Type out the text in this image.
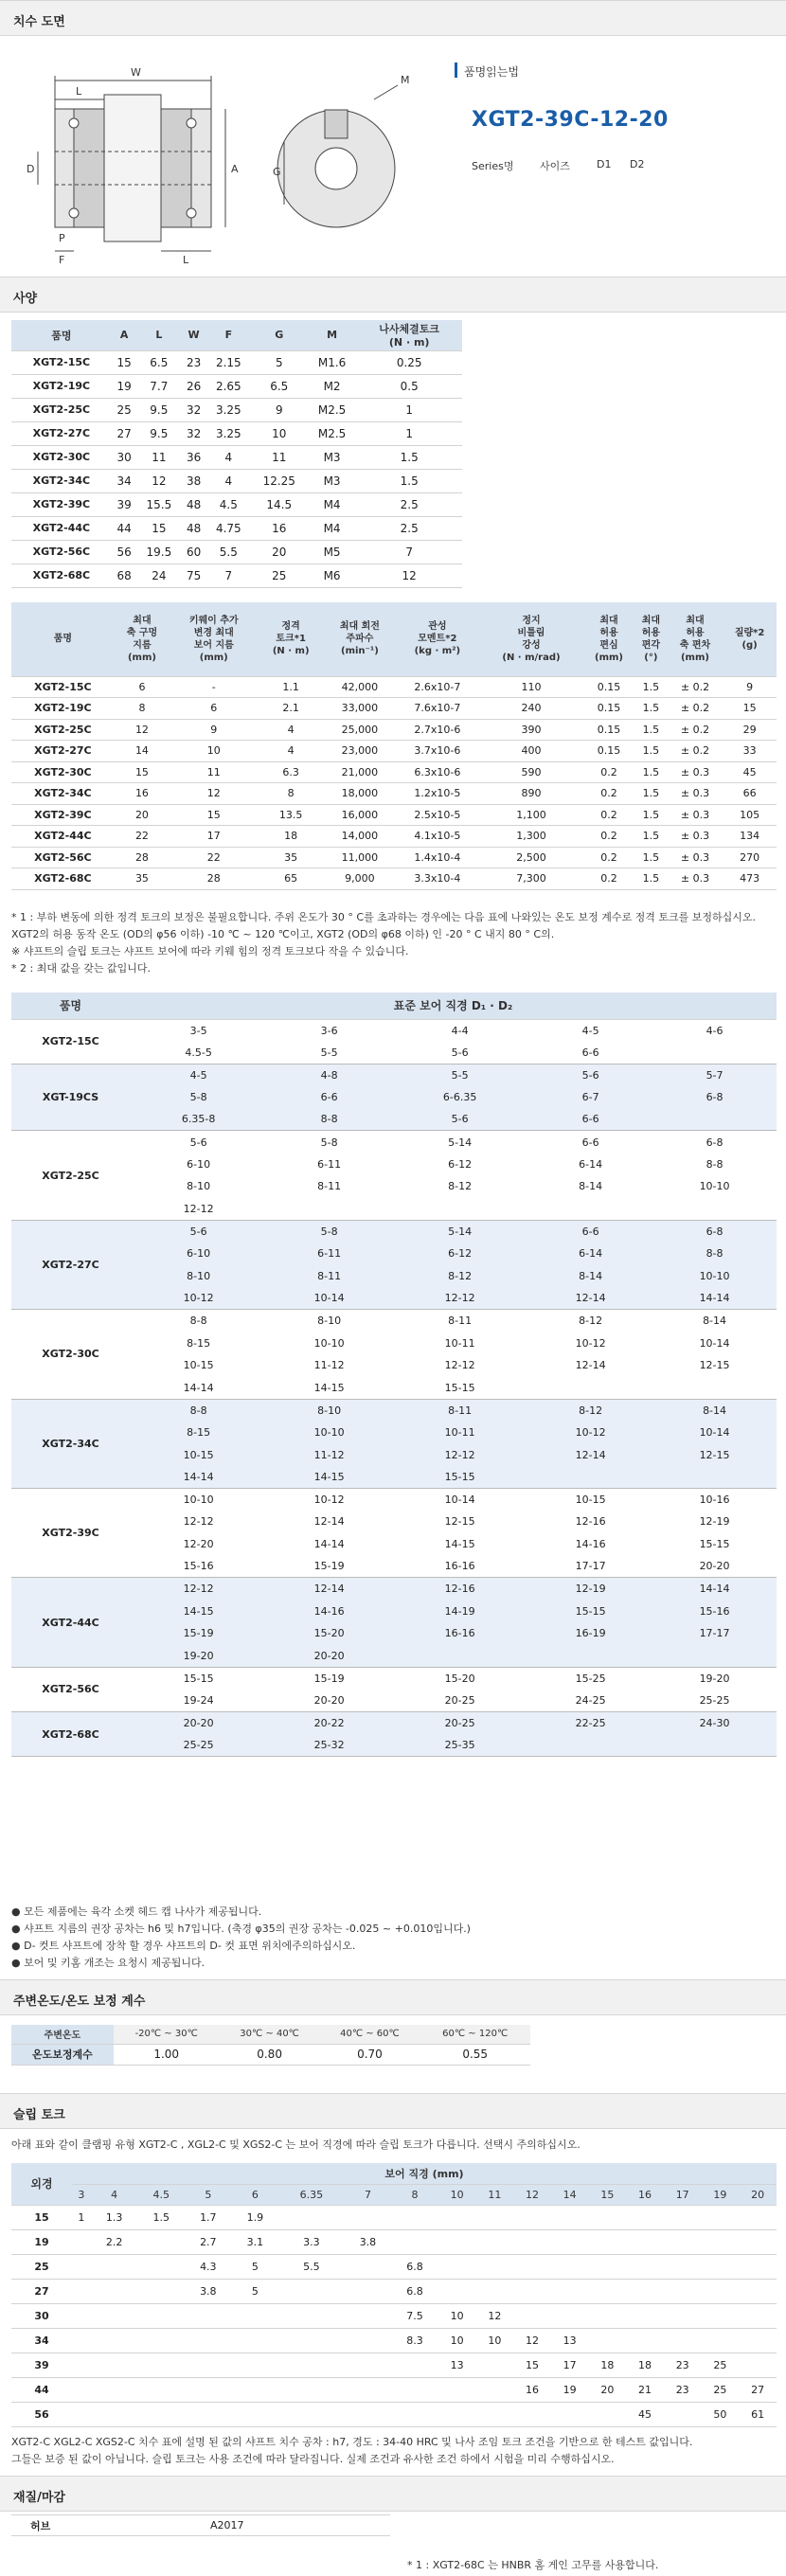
치수 도면
W
L
L
F
A
D	G
M
P
품명읽는법
XGT2-39C-12-20
Series명	사이즈	D1 D2
사양
품명	A	L	W	F	G	M	나사체결토크
(N · m)
XGT2-15C	15	6.5	23	2.15	5	M1.6	0.25
XGT2-19C	19	7.7	26	2.65	6.5	M2	0.5
XGT2-25C	25	9.5	32	3.25	9	M2.5	1
XGT2-27C	27	9.5	32	3.25	10	M2.5	1
XGT2-30C	30	11	36	4	11	M3	1.5
XGT2-34C	34	12	38	4	12.25	M3	1.5
XGT2-39C	39	15.5	48	4.5	14.5	M4	2.5
XGT2-44C	44	15	48	4.75	16	M4	2.5
XGT2-56C	56	19.5	60	5.5	20	M5	7
XGT2-68C	68	24	75	7	25	M6	12
품명	최대
축 구멍
지름
(mm)	키웨이 추가
변경 최대
보어 지름
(mm)	정격
토크*1
(N · m)	최대 회전
주파수
(min⁻¹)	관성
모멘트*2
(kg · m²)	정지
비틀림
강성
(N · m/rad)	최대
허용
편심
(mm)	최대
허용
편각
(°)	최대
허용
축 편차
(mm)	질량*2
(g)
XGT2-15C	6	-	1.1	42,000	2.6x10-7	110	0.15	1.5	± 0.2	9
XGT2-19C	8	6	2.1	33,000	7.6x10-7	240	0.15	1.5	± 0.2	15
XGT2-25C	12	9	4	25,000	2.7x10-6	390	0.15	1.5	± 0.2	29
XGT2-27C	14	10	4	23,000	3.7x10-6	400	0.15	1.5	± 0.2	33
XGT2-30C	15	11	6.3	21,000	6.3x10-6	590	0.2	1.5	± 0.3	45
XGT2-34C	16	12	8	18,000	1.2x10-5	890	0.2	1.5	± 0.3	66
XGT2-39C	20	15	13.5	16,000	2.5x10-5	1,100	0.2	1.5	± 0.3	105
XGT2-44C	22	17	18	14,000	4.1x10-5	1,300	0.2	1.5	± 0.3	134
XGT2-56C	28	22	35	11,000	1.4x10-4	2,500	0.2	1.5	± 0.3	270
XGT2-68C	35	28	65	9,000	3.3x10-4	7,300	0.2	1.5	± 0.3	473
* 1 : 부하 변동에 의한 정격 토크의 보정은 불필요합니다. 주위 온도가 30 ° C를 초과하는 경우에는 다음 표에 나와있는 온도 보정 계수로 정격 토크를 보정하십시오.
XGT2의 허용 동작 온도 (OD의 φ56 이하) -10 ℃ ~ 120 ℃이고, XGT2 (OD의 φ68 이하) 인 -20 ° C 내지 80 ° C의.
※ 샤프트의 슬립 토크는 샤프트 보어에 따라 키웨 힘의 정격 토크보다 작을 수 있습니다.
* 2 : 최대 값을 갖는 값입니다.
품명	표준 보어 직경 D₁ · D₂				
XGT2-15C	3-5	3-6	4-4	4-5	4-6
	4.5-5	5-5	5-6	6-6	
XGT-19CS	4-5	4-8	5-5	5-6	5-7
	5-8	6-6	6-6.35	6-7	6-8
	6.35-8	8-8	5-6	6-6	
XGT2-25C	5-6	5-8	5-14	6-6	6-8
	6-10	6-11	6-12	6-14	8-8
	8-10	8-11	8-12	8-14	10-10
	12-12				
XGT2-27C	5-6	5-8	5-14	6-6	6-8
	6-10	6-11	6-12	6-14	8-8
	8-10	8-11	8-12	8-14	10-10
	10-12	10-14	12-12	12-14	14-14
XGT2-30C	8-8	8-10	8-11	8-12	8-14
	8-15	10-10	10-11	10-12	10-14
	10-15	11-12	12-12	12-14	12-15
	14-14	14-15	15-15		
XGT2-34C	8-8	8-10	8-11	8-12	8-14
	8-15	10-10	10-11	10-12	10-14
	10-15	11-12	12-12	12-14	12-15
	14-14	14-15	15-15		
XGT2-39C	10-10	10-12	10-14	10-15	10-16
	12-12	12-14	12-15	12-16	12-19
	12-20	14-14	14-15	14-16	15-15
	15-16	15-19	16-16	17-17	20-20
XGT2-44C	12-12	12-14	12-16	12-19	14-14
	14-15	14-16	14-19	15-15	15-16
	15-19	15-20	16-16	16-19	17-17
	19-20	20-20			
XGT2-56C	15-15	15-19	15-20	15-25	19-20
	19-24	20-20	20-25	24-25	25-25
XGT2-68C	20-20	20-22	20-25	22-25	24-30
	25-25	25-32	25-35		
● 모든 제품에는 육각 소켓 헤드 캡 나사가 제공됩니다.
● 샤프트 지름의 권장 공차는 h6 및 h7입니다. (축경 φ35의 권장 공차는 -0.025 ~ +0.010입니다.)
● D- 컷트 샤프트에 장착 할 경우 샤프트의 D- 컷 표면 위치에주의하십시오.
● 보어 및 키홈 개조는 요청시 제공됩니다.
주변온도/온도 보정 계수
주변온도	-20℃ ~ 30℃	30℃ ~ 40℃	40℃ ~ 60℃	60℃ ~ 120℃
온도보정계수	1.00	0.80	0.70	0.55
슬립 토크
아래 표와 같이 클램핑 유형 XGT2-C , XGL2-C 및 XGS2-C 는 보어 직경에 따라 슬립 토크가 다릅니다. 선택시 주의하십시오.
외경	보어 직경 (mm)																
	3	4	4.5	5	6	6.35	7	8	10	11	12	14	15	16	17	19	20
15	1	1.3	1.5	1.7	1.9												
19		2.2		2.7	3.1	3.3	3.8										
25				4.3	5	5.5		6.8									
27				3.8	5			6.8									
30								7.5	10	12							
34								8.3	10	10	12	13					
39									13		15	17	18	18	23	25	
44											16	19	20	21	23	25	27
56														45		50	61
XGT2-C XGL2-C XGS2-C 치수 표에 설명 된 값의 샤프트 치수 공차 : h7, 경도 : 34-40 HRC 및 나사 조임 토크 조건을 기반으로 한 테스트 값입니다.
그들은 보증 된 값이 아닙니다. 슬립 토크는 사용 조건에 따라 달라집니다. 실제 조건과 유사한 조건 하에서 시험을 미리 수행하십시오.
재질/마감

허브	A2017
* 1 : XGT2-68C 는 HNBR 홈 게인 고무를 사용합니다.
